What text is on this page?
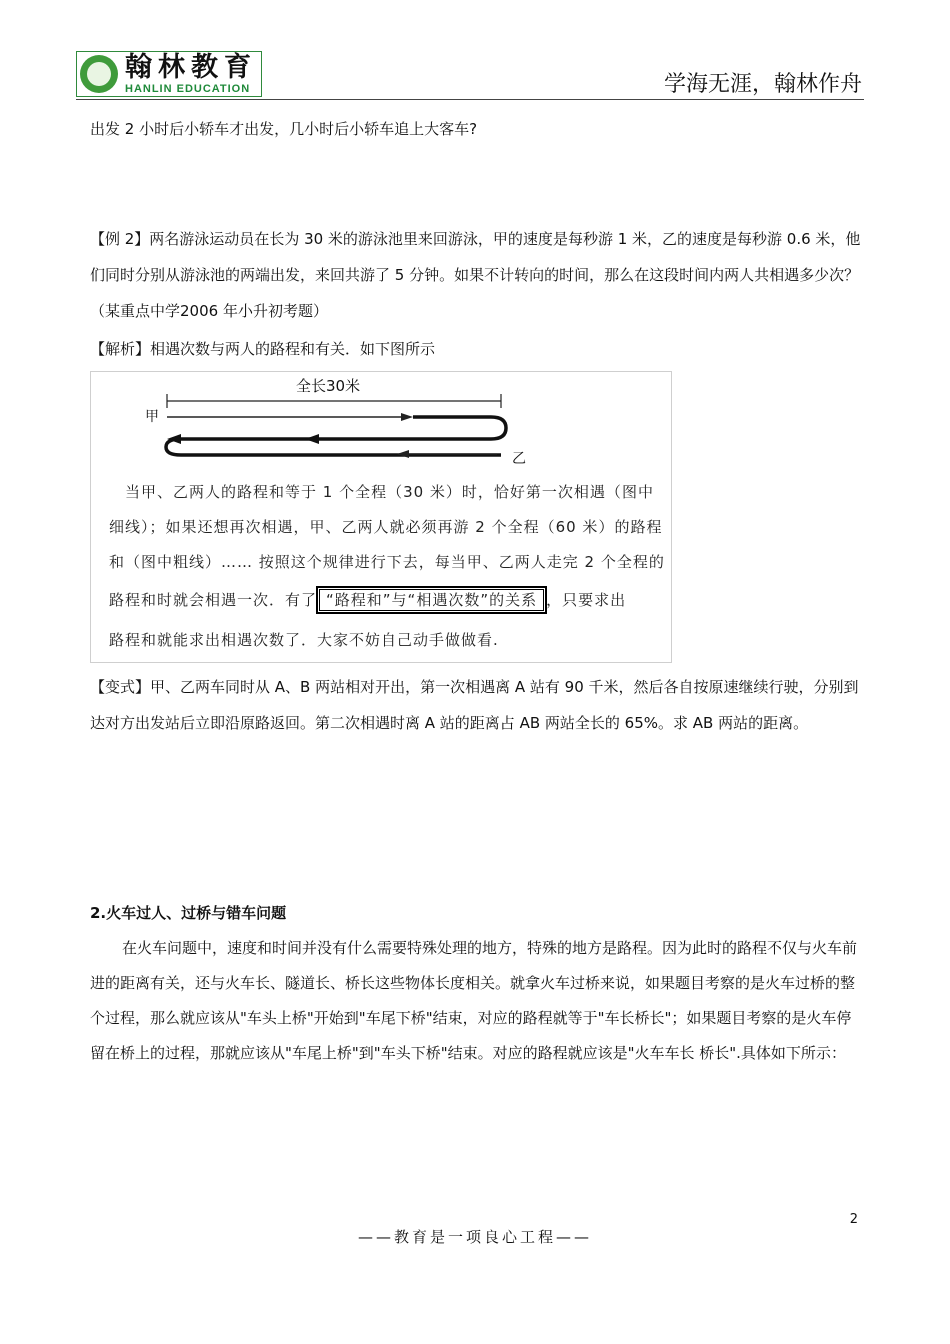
翰林教育
HANLIN EDUCATION	学海无涯，翰林作舟
出发 2 小时后小轿车才出发，几小时后小轿车追上大客车?
【例 2】两名游泳运动员在长为 30 米的游泳池里来回游泳，甲的速度是每秒游 1 米，乙的速度是每秒游 0.6 米，他们同时分别从游泳池的两端出发，来回共游了 5 分钟。如果不计转向的时间，那么在这段时间内两人共相遇多少次？（某重点中学2006 年小升初考题）
【解析】相遇次数与两人的路程和有关．如下图所示
全长30米
甲
乙
当甲、乙两人的路程和等于 1 个全程（30 米）时，恰好第一次相遇（图中
细线）；如果还想再次相遇，甲、乙两人就必须再游 2 个全程（60 米）的路程
和（图中粗线）…… 按照这个规律进行下去，每当甲、乙两人走完 2 个全程的
路程和时就会相遇一次．有了 “路程和”与“相遇次数”的关系 ，只要求出
路程和就能求出相遇次数了．大家不妨自己动手做做看.
【变式】甲、乙两车同时从 A、B 两站相对开出，第一次相遇离 A 站有 90 千米，然后各自按原速继续行驶，分别到达对方出发站后立即沿原路返回。第二次相遇时离 A 站的距离占 AB 两站全长的 65%。求 AB 两站的距离。
2.火车过人、过桥与错车问题
在火车问题中，速度和时间并没有什么需要特殊处理的地方，特殊的地方是路程。因为此时的路程不仅与火车前进的距离有关，还与火车长、隧道长、桥长这些物体长度相关。就拿火车过桥来说，如果题目考察的是火车过桥的整个过程，那么就应该从"车头上桥"开始到"车尾下桥"结束，对应的路程就等于"车长桥长"；如果题目考察的是火车停留在桥上的过程，那就应该从"车尾上桥"到"车头下桥"结束。对应的路程就应该是"火车车长 桥长".具体如下所示：
2
——教育是一项良心工程——
